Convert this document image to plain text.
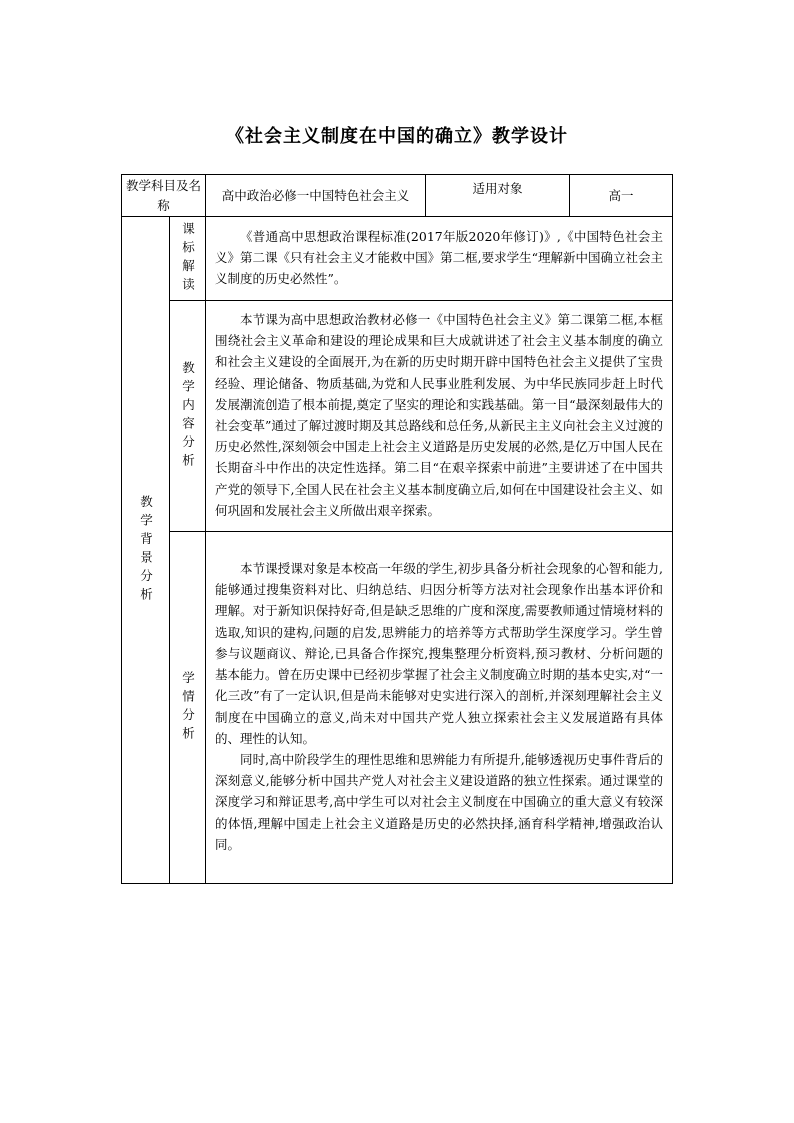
《社会主义制度在中国的确立》教学设计
教学科目及名称		高中政治必修一中国特色社会主义	适用对象	高一

教学背景分析	课标解读	《普通高中思想政治课程标准(2017年版2020年修订)》,《中国特色社会主义》第二课《只有社会主义才能救中国》第二框,要求学生“理解新中国确立社会主义制度的历史必然性”。		

	教学内容分析	本节课为高中思想政治教材必修一《中国特色社会主义》第二课第二框,本框围绕社会主义革命和建设的理论成果和巨大成就讲述了社会主义基本制度的确立和社会主义建设的全面展开,为在新的历史时期开辟中国特色社会主义提供了宝贵经验、理论储备、物质基础,为党和人民事业胜利发展、为中华民族同步赶上时代发展潮流创造了根本前提,奠定了坚实的理论和实践基础。第一目“最深刻最伟大的社会变革”通过了解过渡时期及其总路线和总任务,从新民主主义向社会主义过渡的历史必然性,深刻领会中国走上社会主义道路是历史发展的必然,是亿万中国人民在长期奋斗中作出的决定性选择。第二目“在艰辛探索中前进”主要讲述了在中国共产党的领导下,全国人民在社会主义基本制度确立后,如何在中国建设社会主义、如何巩固和发展社会主义所做出艰辛探索。		

	学情分析	本节课授课对象是本校高一年级的学生,初步具备分析社会现象的心智和能力,能够通过搜集资料对比、归纳总结、归因分析等方法对社会现象作出基本评价和理解。对于新知识保持好奇,但是缺乏思维的广度和深度,需要教师通过情境材料的选取,知识的建构,问题的启发,思辨能力的培养等方式帮助学生深度学习。学生曾参与议题商议、辩论,已具备合作探究,搜集整理分析资料,预习教材、分析问题的基本能力。曾在历史课中已经初步掌握了社会主义制度确立时期的基本史实,对“一化三改”有了一定认识,但是尚未能够对史实进行深入的剖析,并深刻理解社会主义制度在中国确立的意义,尚未对中国共产党人独立探索社会主义发展道路有具体的、理性的认知。

同时,高中阶段学生的理性思维和思辨能力有所提升,能够透视历史事件背后的深刻意义,能够分析中国共产党人对社会主义建设道路的独立性探索。通过课堂的深度学习和辩证思考,高中学生可以对社会主义制度在中国确立的重大意义有较深的体悟,理解中国走上社会主义道路是历史的必然抉择,涵育科学精神,增强政治认同。		
